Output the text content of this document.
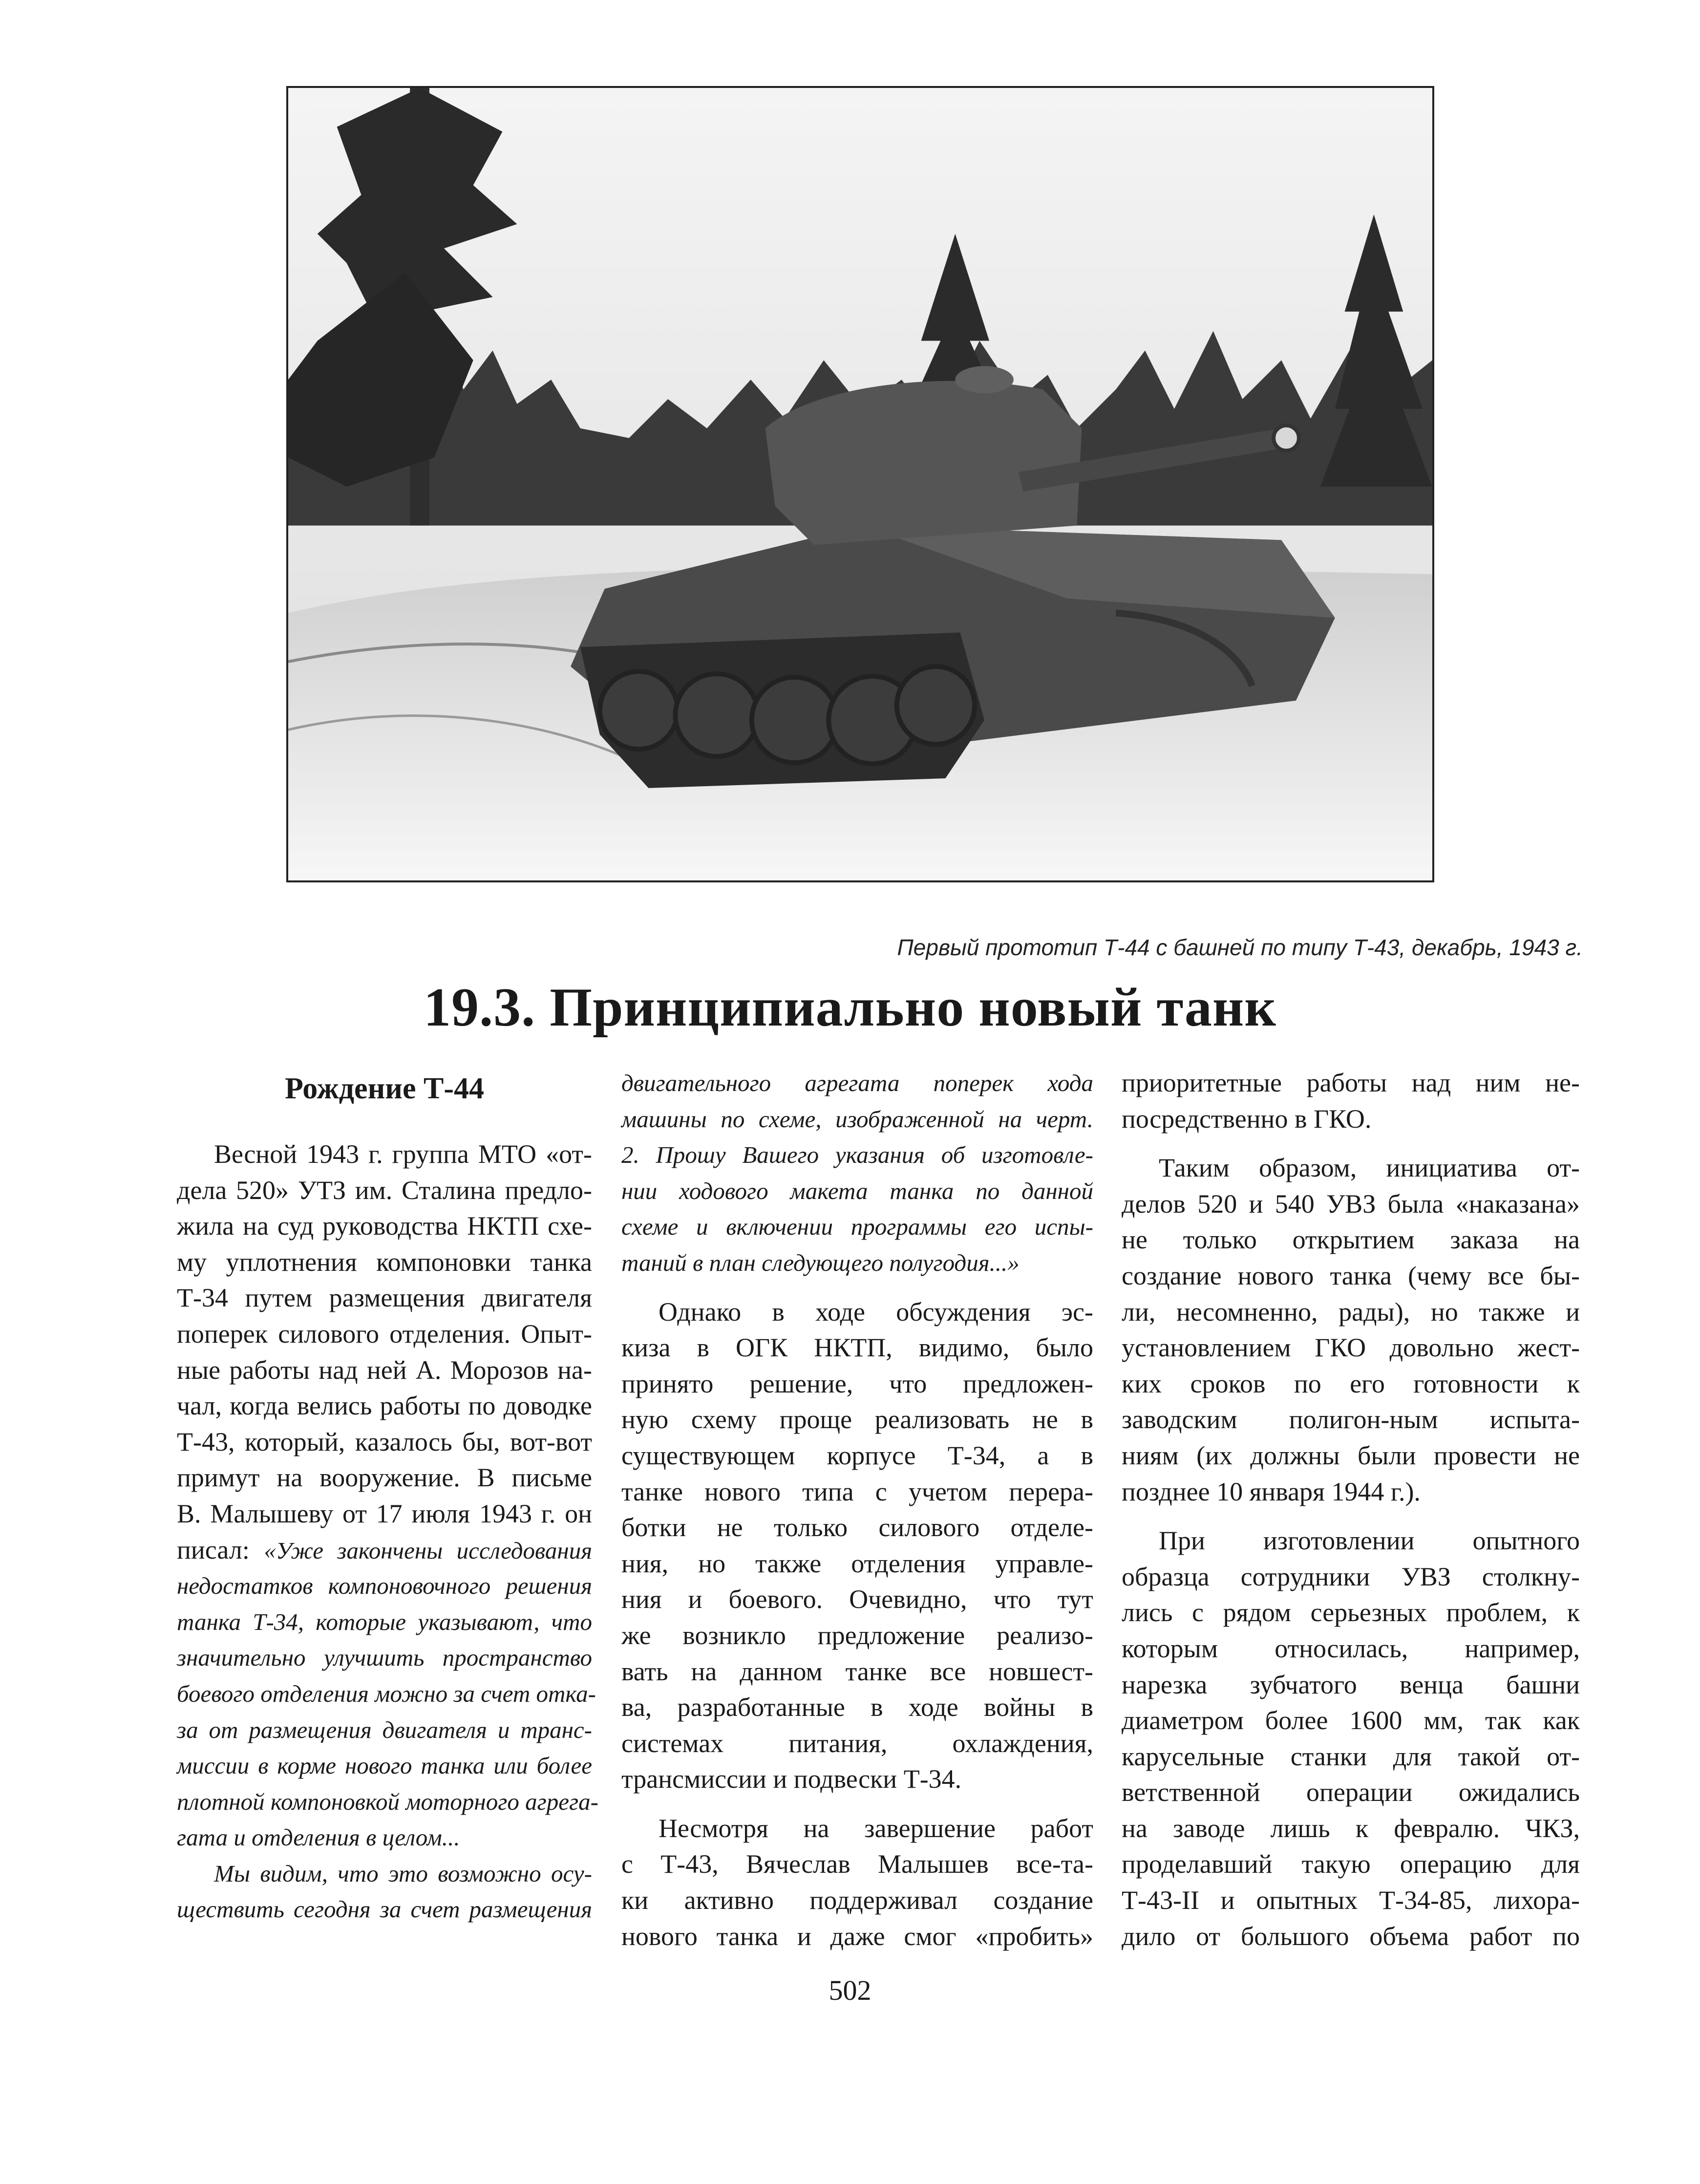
Первый прототип Т-44 с башней по типу Т-43, декабрь, 1943 г.
19.3. Принципиально новый танк
Рождение Т-44
Весной 1943 г. группа МТО «от-
дела 520» УТЗ им. Сталина предло-
жила на суд руководства НКТП схе-
му уплотнения компоновки танка
Т-34 путем размещения двигателя
поперек силового отделения. Опыт-
ные работы над ней А. Морозов на-
чал, когда велись работы по доводке
Т-43, который, казалось бы, вот-вот
примут на вооружение. В письме
В. Малышеву от 17 июля 1943 г. он
писал: «Уже закончены исследования
недостатков компоновочного решения
танка Т-34, которые указывают, что
значительно улучшить пространство
боевого отделения можно за счет отка-
за от размещения двигателя и транс-
миссии в корме нового танка или более
плотной компоновкой моторного агрега-
гата и отделения в целом...
Мы видим, что это возможно осу-
ществить сегодня за счет размещения
двигательного агрегата поперек хода
машины по схеме, изображенной на черт.
2. Прошу Вашего указания об изготовле-
нии ходового макета танка по данной
схеме и включении программы его испы-
таний в план следующего полугодия...»
Однако в ходе обсуждения эс-
киза в ОГК НКТП, видимо, было
принято решение, что предложен-
ную схему проще реализовать не в
существующем корпусе Т-34, а в
танке нового типа с учетом перера-
ботки не только силового отделе-
ния, но также отделения управле-
ния и боевого. Очевидно, что тут
же возникло предложение реализо-
вать на данном танке все новшест-
ва, разработанные в ходе войны в
системах питания, охлаждения,
трансмиссии и подвески Т-34.
Несмотря на завершение работ
с Т-43, Вячеслав Малышев все-та-
ки активно поддерживал создание
нового танка и даже смог «пробить»
приоритетные работы над ним не-
посредственно в ГКО.
Таким образом, инициатива от-
делов 520 и 540 УВЗ была «наказана»
не только открытием заказа на
создание нового танка (чему все бы-
ли, несомненно, рады), но также и
установлением ГКО довольно жест-
ких сроков по его готовности к
заводским полигон-ным испыта-
ниям (их должны были провести не
позднее 10 января 1944 г.).
При изготовлении опытного
образца сотрудники УВЗ столкну-
лись с рядом серьезных проблем, к
которым относилась, например,
нарезка зубчатого венца башни
диаметром более 1600 мм, так как
карусельные станки для такой от-
ветственной операции ожидались
на заводе лишь к февралю. ЧКЗ,
проделавший такую операцию для
Т-43-II и опытных Т-34-85, лихора-
дило от большого объема работ по
502
